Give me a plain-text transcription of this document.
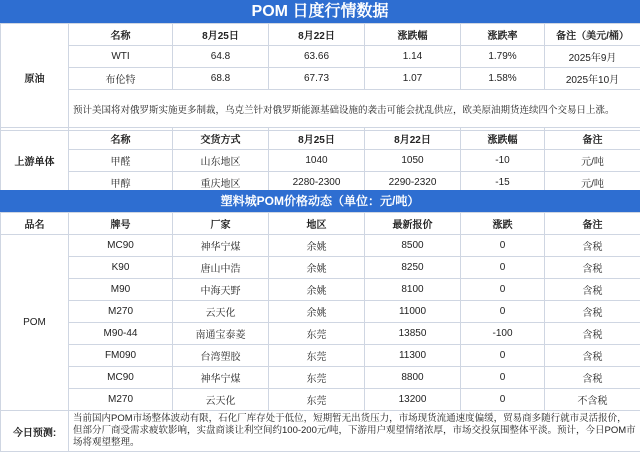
POM 日度行情数据
原油	名称	8月25日	8月22日	涨跌幅	涨跌率	备注（美元/桶）
	WTI	64.8	63.66	1.14	1.79%	2025年9月
	布伦特	68.8	67.73	1.07	1.58%	2025年10月
	预计美国将对俄罗斯实施更多制裁，乌克兰针对俄罗斯能源基础设施的袭击可能会扰乱供应，欧美原油期货连续四个交易日上涨。					
上游单体	名称	交货方式	8月25日	8月22日	涨跌幅	备注
	甲醛	山东地区	1040	1050	-10	元/吨
	甲醇	重庆地区	2280-2300	2290-2320	-15	元/吨
塑料城POM价格动态（单位：元/吨）
品名	牌号	厂家	地区	最新报价	涨跌	备注
POM	MC90	神华宁煤	余姚	8500	0	含税
	K90	唐山中浩	余姚	8250	0	含税
	M90	中海天野	余姚	8100	0	含税
	M270	云天化	余姚	11000	0	含税
	M90-44	南通宝泰菱	东莞	13850	-100	含税
	FM090	台湾塑胶	东莞	11300	0	含税
	MC90	神华宁煤	东莞	8800	0	含税
	M270	云天化	东莞	13200	0	不含税
今日预测:	当前国内POM市场整体波动有限，石化厂库存处于低位，短期暂无出货压力，市场现货流通速度偏缓，贸易商多随行就市灵活报价，但部分厂商受需求疲软影响，实盘商谈让利空间约100-200元/吨，下游用户观望情绪浓厚，市场交投氛围整体平淡。预计，今日POM市场将观望整理。					
